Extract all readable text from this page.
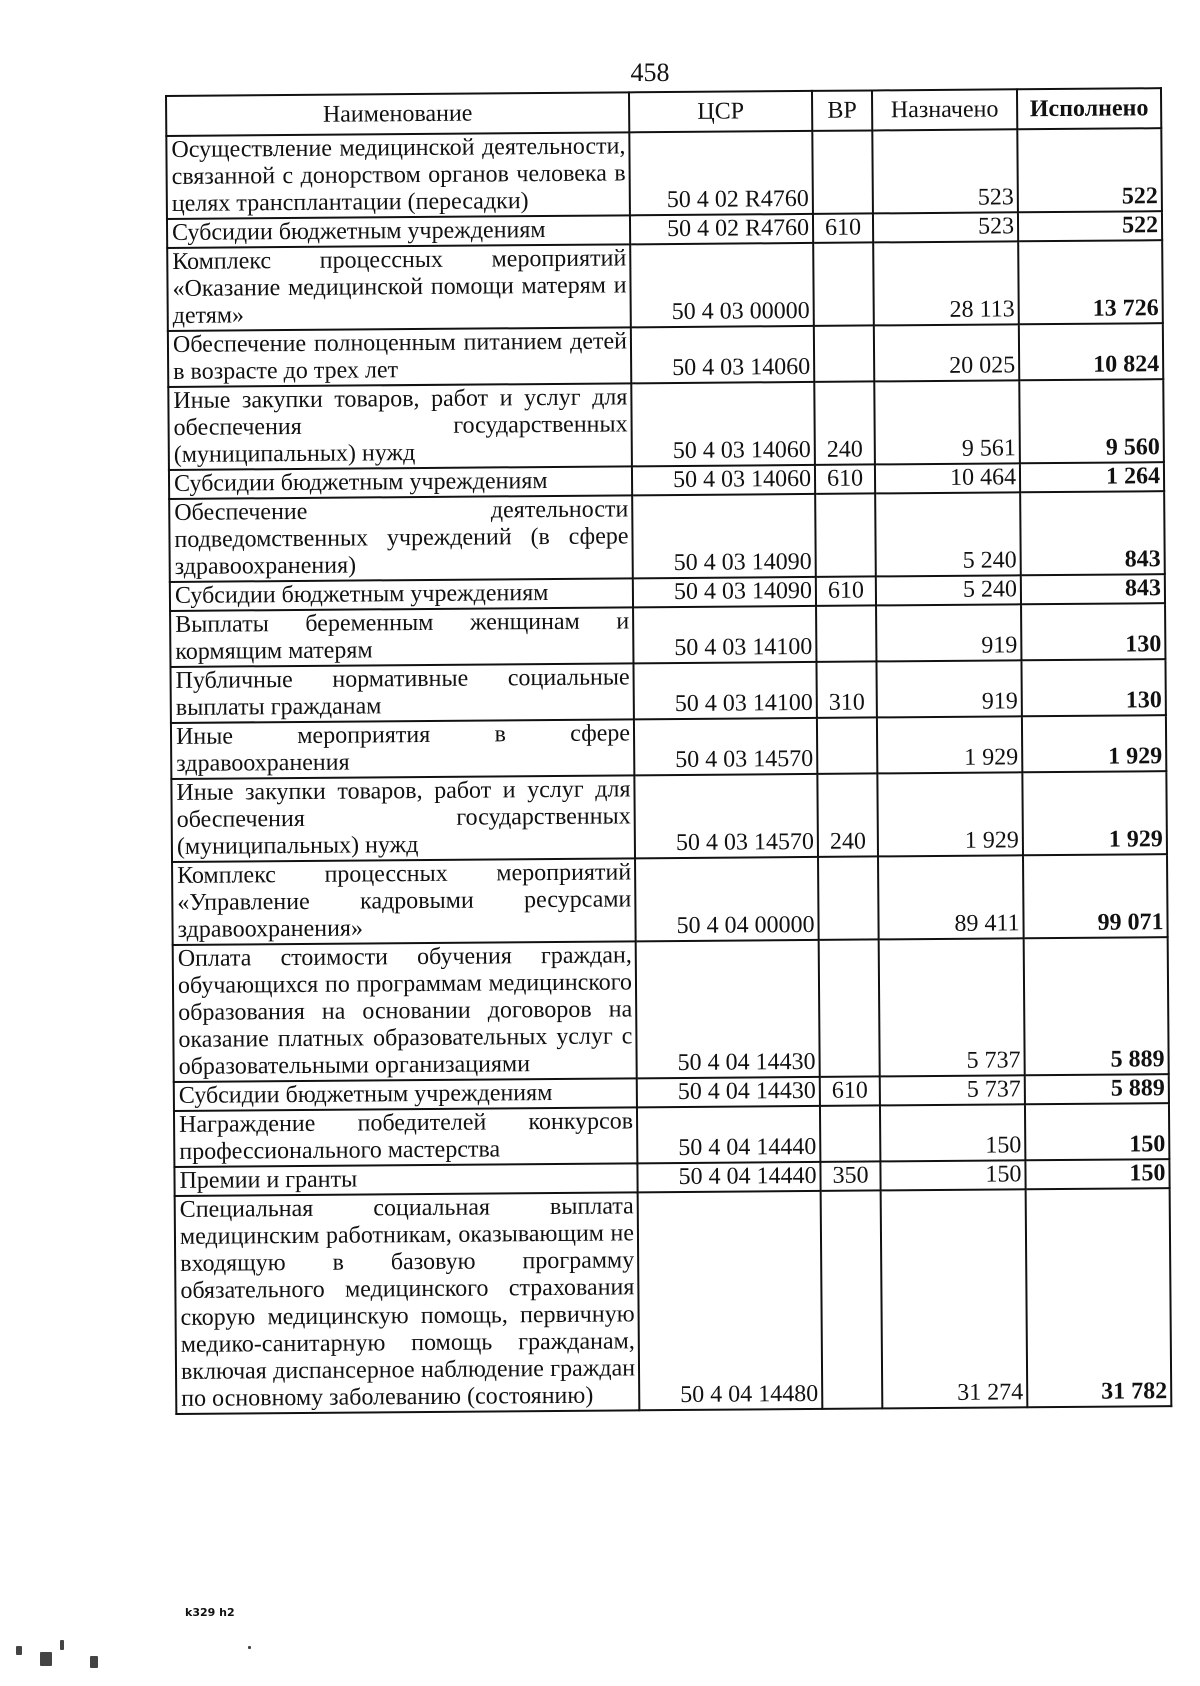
458
Наименование	ЦСР	ВР	Назначено	Исполнено
Осуществление медицинской деятельности, связанной с донорством органов человека в целях трансплантации (пересадки)	50 4 02 R4760		523	522
Субсидии бюджетным учреждениям	50 4 02 R4760	610	523	522
Комплекс процессных мероприятий «Оказание медицинской помощи матерям и детям»	50 4 03 00000		28 113	13 726
Обеспечение полноценным питанием детей в возрасте до трех лет	50 4 03 14060		20 025	10 824
Иные закупки товаров, работ и услуг для обеспечения государственных (муниципальных) нужд	50 4 03 14060	240	9 561	9 560
Субсидии бюджетным учреждениям	50 4 03 14060	610	10 464	1 264
Обеспечение деятельности подведомственных учреждений (в сфере здравоохранения)	50 4 03 14090		5 240	843
Субсидии бюджетным учреждениям	50 4 03 14090	610	5 240	843
Выплаты беременным женщинам и кормящим матерям	50 4 03 14100		919	130
Публичные нормативные социальные выплаты гражданам	50 4 03 14100	310	919	130
Иные мероприятия в сфере здравоохранения	50 4 03 14570		1 929	1 929
Иные закупки товаров, работ и услуг для обеспечения государственных (муниципальных) нужд	50 4 03 14570	240	1 929	1 929
Комплекс процессных мероприятий «Управление кадровыми ресурсами здравоохранения»	50 4 04 00000		89 411	99 071
Оплата стоимости обучения граждан, обучающихся по программам медицинского образования на основании договоров на оказание платных образовательных услуг с образовательными организациями	50 4 04 14430		5 737	5 889
Субсидии бюджетным учреждениям	50 4 04 14430	610	5 737	5 889
Награждение победителей конкурсов профессионального мастерства	50 4 04 14440		150	150
Премии и гранты	50 4 04 14440	350	150	150
Специальная социальная выплата медицинским работникам, оказывающим не входящую в базовую программу обязательного медицинского страхования скорую медицинскую помощь, первичную медико-санитарную помощь гражданам, включая диспансерное наблюдение граждан по основному заболеванию (состоянию)	50 4 04 14480		31 274	31 782
k329 h2
